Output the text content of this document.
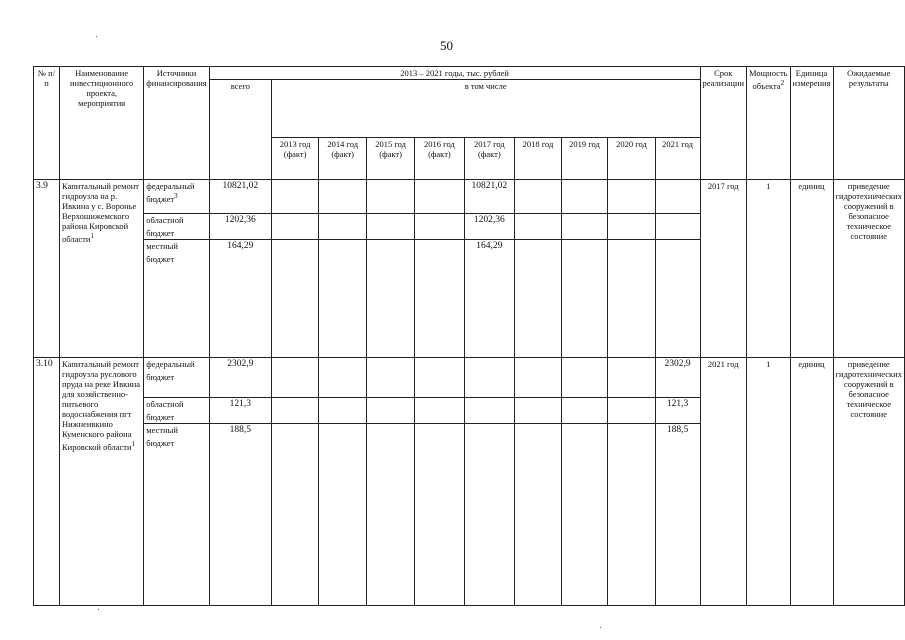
50
№ п/п	Наименование инвестиционного проекта, мероприятия	Источники финансирования	2013 – 2021 годы, тыс. рублей										Срок реализации	Мощность объекта$^2$	Единица измерения	Ожидаемые результаты
			всего	в том числе												
				2013 год (факт)	2014 год (факт)	2015 год (факт)	2016 год (факт)	2017 год (факт)	2018 год	2019 год	2020 год	2021 год				
3.9	Капитальный ремонт гидроузла на р. Ивкина у с. Воронье Верхошижемского района Кировской области$^1$	федеральный бюджет$^3$	10821,02					10821,02					2017 год	1	единиц	приведение гидротехнических сооружений в безопасное техническое состояние
		областной бюджет	1202,36					1202,36								
		местный бюджет	164,29					164,29								
3.10	Капитальный ремонт гидроузла руслового пруда на реке Ивкина для хозяйственно-питьевого водоснабжения пгт Нижнеивкино Куменского района Кировской области$^1$	федеральный бюджет	2302,9									2302,9	2021 год	1	единиц	приведение гидротехнических сооружений в безопасное техническое состояние
		областной бюджет	121,3									121,3				
		местный бюджет	188,5									188,5				
